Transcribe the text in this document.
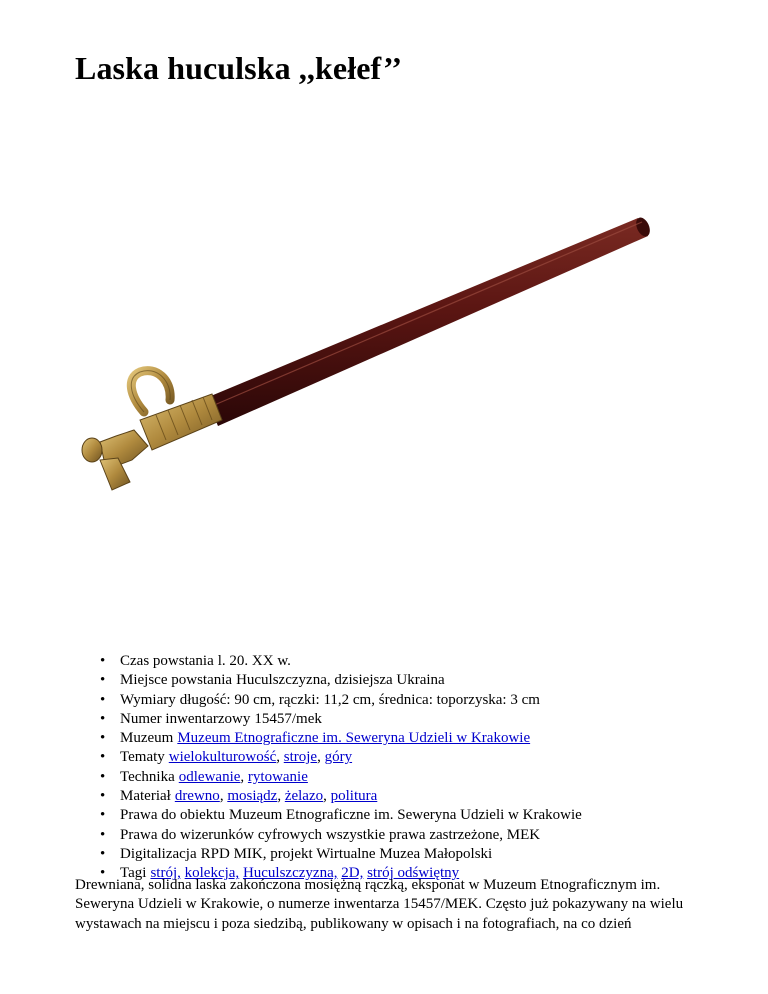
Laska huculska ,,kełef’’
• Czas powstania l. 20. XX w.
• Miejsce powstania Huculszczyzna, dzisiejsza Ukraina
• Wymiary długość: 90 cm, rączki: 11,2 cm, średnica: toporzyska: 3 cm
• Numer inwentarzowy 15457/mek
• Muzeum Muzeum Etnograficzne im. Seweryna Udzieli w Krakowie
• Tematy wielokulturowość, stroje, góry
• Technika odlewanie, rytowanie
• Materiał drewno, mosiądz, żelazo, politura
• Prawa do obiektu Muzeum Etnograficzne im. Seweryna Udzieli w Krakowie
• Prawa do wizerunków cyfrowych wszystkie prawa zastrzeżone, MEK
• Digitalizacja RPD MIK, projekt Wirtualne Muzea Małopolski
• Tagi strój, kolekcja, Huculszczyzna, 2D, strój odświętny

Drewniana, solidna laska zakończona mosiężną rączką, eksponat w Muzeum Etnograficznym im. Seweryna Udzieli w Krakowie, o numerze inwentarza 15457/MEK. Często już pokazywany na wielu wystawach na miejscu i poza siedzibą, publikowany w opisach i na fotografiach, na co dzień
